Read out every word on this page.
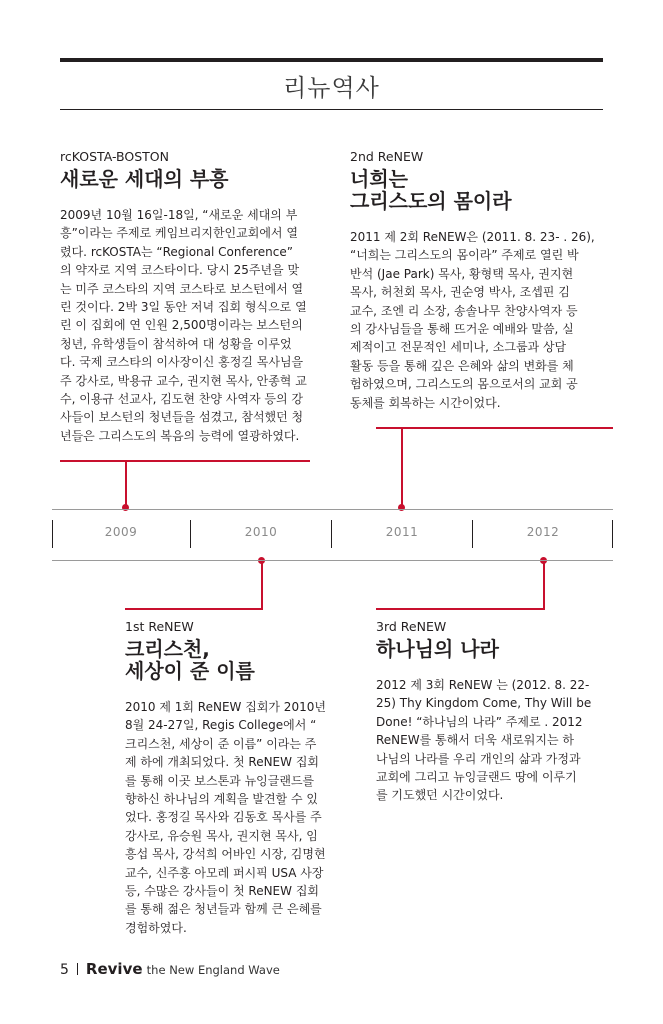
리뉴역사

rcKOSTA-BOSTON

새로운 세대의 부흥
2009년 10월 16일-18일, “새로운 세대의 부
흥”이라는 주제로 케임브리지한인교회에서 열
렸다. rcKOSTA는 “Regional Conference”
의 약자로 지역 코스타이다. 당시 25주년을 맞
는 미주 코스타의 지역 코스타로 보스턴에서 열
린 것이다. 2박 3일 동안 저녁 집회 형식으로 열
린 이 집회에 연 인원 2,500명이라는 보스턴의
청년, 유학생들이 참석하여 대 성황을 이루었
다. 국제 코스타의 이사장이신 홍정길 목사님을
주 강사로, 박용규 교수, 권지현 목사, 안종혁 교
수, 이용규 선교사, 김도현 찬양 사역자 등의 강
사들이 보스턴의 청년들을 섬겼고, 참석했던 청
년들은 그리스도의 복음의 능력에 열광하였다.

2nd ReNEW

너희는
그리스도의 몸이라
2011 제 2회 ReNEW은 (2011. 8. 23- . 26),
“너희는 그리스도의 몸이라” 주제로 열린 박
반석 (Jae Park) 목사, 황형택 목사, 권지현
목사, 허천회 목사, 권순영 박사, 조셉핀 김
교수, 조엔 리 소장, 송솔나무 찬양사역자 등
의 강사님들을 통해 뜨거운 예배와 말씀, 실
제적이고 전문적인 세미나, 소그룹과 상담
활동 등을 통해 깊은 은혜와 삶의 변화를 체
험하였으며, 그리스도의 몸으로서의 교회 공
동체를 회복하는 시간이었다.

1st ReNEW

크리스천,
세상이 준 이름
2010 제 1회 ReNEW 집회가 2010년
8월 24-27일, Regis College에서 “
크리스천, 세상이 준 이름” 이라는 주
제 하에 개최되었다. 첫 ReNEW 집회
를 통해 이곳 보스톤과 뉴잉글랜드를
향하신 하나님의 계획을 발견할 수 있
었다. 홍정길 목사와 김동호 목사를 주
강사로, 유승원 목사, 권지현 목사, 임
흥섭 목사, 강석희 어바인 시장, 김명현
교수, 신주홍 아모레 퍼시픽 USA 사장
등, 수많은 강사들이 첫 ReNEW 집회
를 통해 젊은 청년들과 함께 큰 은혜를
경험하였다.

3rd ReNEW

하나님의 나라
2012 제 3회 ReNEW 는 (2012. 8. 22-
25) Thy Kingdom Come, Thy Will be
Done! “하나님의 나라” 주제로 . 2012
ReNEW를 통해서 더욱 새로워지는 하
나님의 나라를 우리 개인의 삶과 가정과
교회에 그리고 뉴잉글랜드 땅에 이루기
를 기도했던 시간이었다.
2009	2010	2011	2012
5 Revive the New England Wave
